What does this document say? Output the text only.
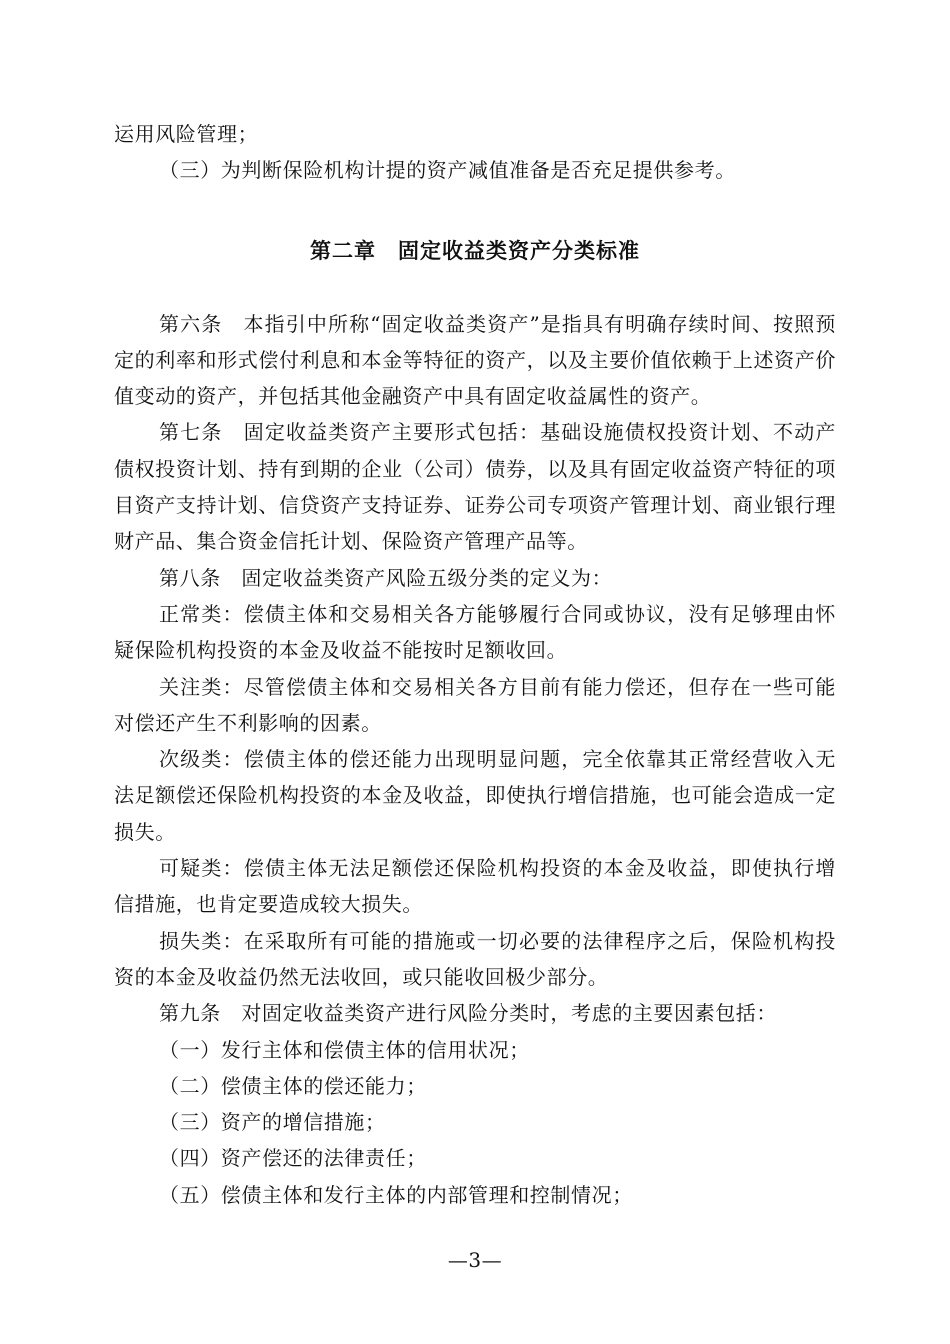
运用风险管理；

（三）为判断保险机构计提的资产减值准备是否充足提供参考。

第二章　固定收益类资产分类标准

第六条　本指引中所称“固定收益类资产”是指具有明确存续时间、按照预定的利率和形式偿付利息和本金等特征的资产，以及主要价值依赖于上述资产价值变动的资产，并包括其他金融资产中具有固定收益属性的资产。

第七条　固定收益类资产主要形式包括：基础设施债权投资计划、不动产债权投资计划、持有到期的企业（公司）债券，以及具有固定收益资产特征的项目资产支持计划、信贷资产支持证券、证券公司专项资产管理计划、商业银行理财产品、集合资金信托计划、保险资产管理产品等。

第八条　固定收益类资产风险五级分类的定义为：

正常类：偿债主体和交易相关各方能够履行合同或协议，没有足够理由怀疑保险机构投资的本金及收益不能按时足额收回。

关注类：尽管偿债主体和交易相关各方目前有能力偿还，但存在一些可能对偿还产生不利影响的因素。

次级类：偿债主体的偿还能力出现明显问题，完全依靠其正常经营收入无法足额偿还保险机构投资的本金及收益，即使执行增信措施，也可能会造成一定损失。

可疑类：偿债主体无法足额偿还保险机构投资的本金及收益，即使执行增信措施，也肯定要造成较大损失。

损失类：在采取所有可能的措施或一切必要的法律程序之后，保险机构投资的本金及收益仍然无法收回，或只能收回极少部分。

第九条　对固定收益类资产进行风险分类时，考虑的主要因素包括：

（一）发行主体和偿债主体的信用状况；

（二）偿债主体的偿还能力；

（三）资产的增信措施；

（四）资产偿还的法律责任；

（五）偿债主体和发行主体的内部管理和控制情况；

—3—
